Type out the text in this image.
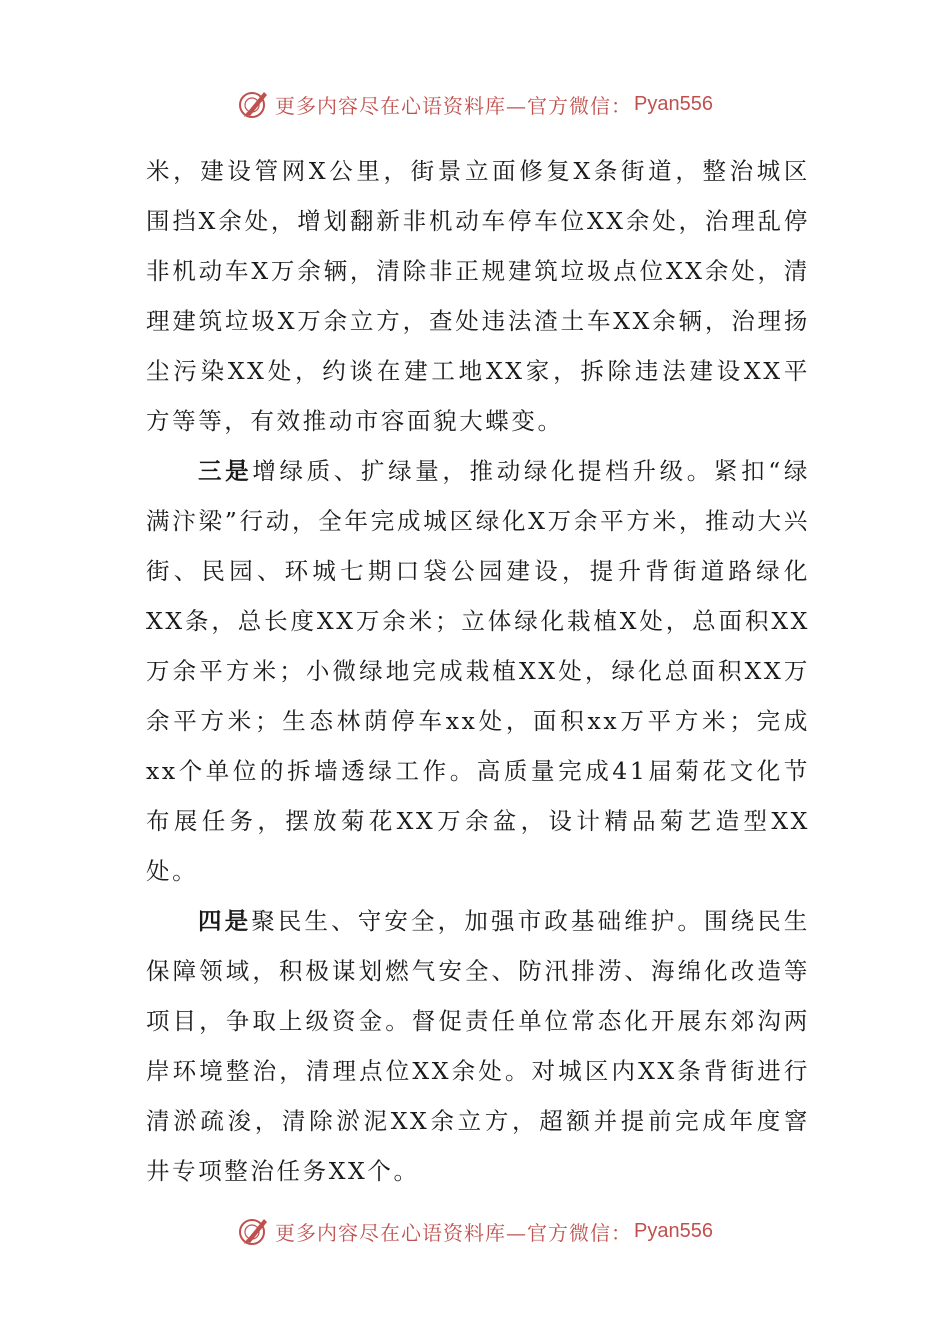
更多内容尽在心语资料库—官方微信： Pyan556

米，建设管网X公里，街景立面修复X条街道，整治城区围挡X余处，增划翻新非机动车停车位XX余处，治理乱停非机动车X万余辆，清除非正规建筑垃圾点位XX余处，清理建筑垃圾X万余立方，查处违法渣土车XX余辆，治理扬尘污染XX处，约谈在建工地XX家，拆除违法建设XX平方等等，有效推动市容面貌大蝶变。

三是增绿质、扩绿量，推动绿化提档升级。紧扣“绿满汴梁”行动，全年完成城区绿化X万余平方米，推动大兴街、民园、环城七期口袋公园建设，提升背街道路绿化XX条，总长度XX万余米；立体绿化栽植X处，总面积XX万余平方米；小微绿地完成栽植XX处，绿化总面积XX万余平方米；生态林荫停车xx处，面积xx万平方米；完成xx个单位的拆墙透绿工作。高质量完成41届菊花文化节布展任务，摆放菊花XX万余盆，设计精品菊艺造型XX处。

四是聚民生、守安全，加强市政基础维护。围绕民生保障领域，积极谋划燃气安全、防汛排涝、海绵化改造等项目，争取上级资金。督促责任单位常态化开展东郊沟两岸环境整治，清理点位XX余处。对城区内XX条背街进行清淤疏浚，清除淤泥XX余立方，超额并提前完成年度窨井专项整治任务XX个。

更多内容尽在心语资料库—官方微信： Pyan556
